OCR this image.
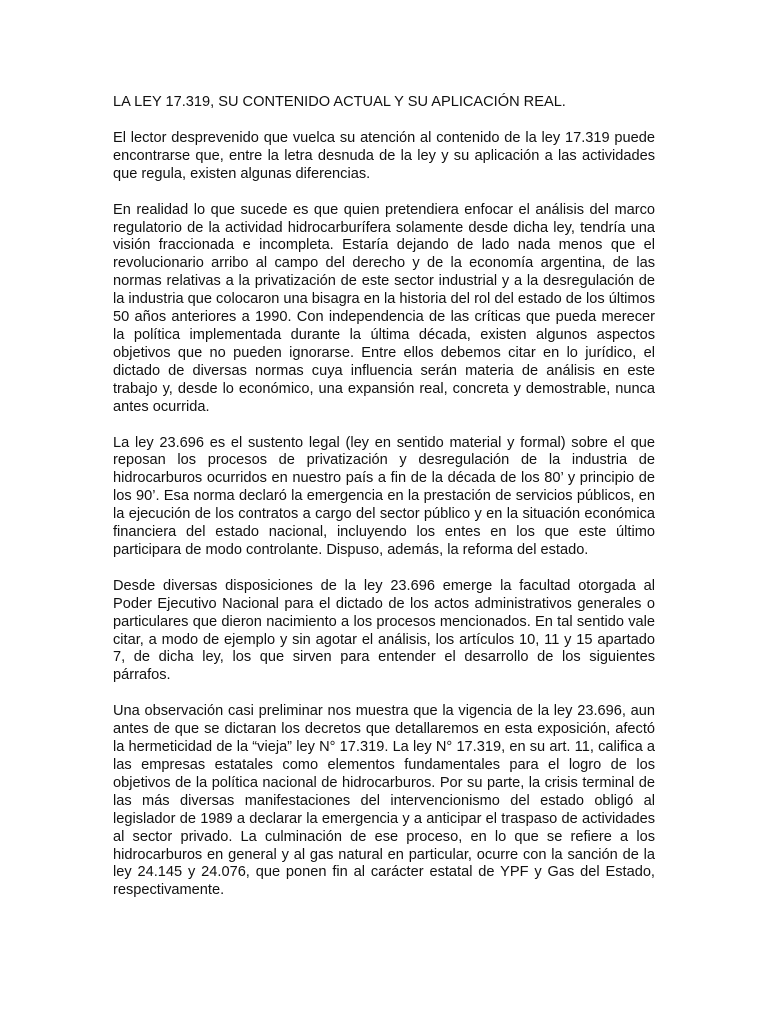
LA LEY 17.319, SU CONTENIDO ACTUAL Y SU APLICACIÓN REAL.

El lector desprevenido que vuelca su atención al contenido de la ley 17.319 puede encontrarse que, entre la letra desnuda de la ley y su aplicación a las actividades que regula, existen algunas diferencias.

En realidad lo que sucede es que quien pretendiera enfocar el análisis del marco regulatorio de la actividad hidrocarburífera solamente desde dicha ley, tendría una visión fraccionada e incompleta. Estaría dejando de lado nada menos que el revolucionario arribo al campo del derecho y de la economía argentina, de las normas relativas a la privatización de este sector industrial y a la desregulación de la industria que colocaron una bisagra en la historia del rol del estado de los últimos 50 años anteriores a 1990. Con independencia de las críticas que pueda merecer la política implementada durante la última década, existen algunos aspectos objetivos que no pueden ignorarse. Entre ellos debemos citar en lo jurídico, el dictado de diversas normas cuya influencia serán materia de análisis en este trabajo y, desde lo económico, una expansión real, concreta y demostrable, nunca antes ocurrida.

La ley 23.696 es el sustento legal (ley en sentido material y formal) sobre el que reposan los procesos de privatización y desregulación de la industria de hidrocarburos ocurridos en nuestro país a fin de la década de los 80’ y principio de los 90’. Esa norma declaró la emergencia en la prestación de servicios públicos, en la ejecución de los contratos a cargo del sector público y en la situación económica financiera del estado nacional, incluyendo los entes en los que este último participara de modo controlante. Dispuso, además, la reforma del estado.

Desde diversas disposiciones de la ley 23.696 emerge la facultad otorgada al Poder Ejecutivo Nacional para el dictado de los actos administrativos generales o particulares que dieron nacimiento a los procesos mencionados. En tal sentido vale citar, a modo de ejemplo y sin agotar el análisis, los artículos 10, 11 y 15 apartado 7, de dicha ley, los que sirven para entender el desarrollo de los siguientes párrafos.

Una observación casi preliminar nos muestra que la vigencia de la ley 23.696, aun antes de que se dictaran los decretos que detallaremos en esta exposición, afectó la hermeticidad de la “vieja” ley N° 17.319. La ley N° 17.319, en su art. 11, califica a las empresas estatales como elementos fundamentales para el logro de los objetivos de la política nacional de hidrocarburos. Por su parte, la crisis terminal de las más diversas manifestaciones del intervencionismo del estado obligó al legislador de 1989 a declarar la emergencia y a anticipar el traspaso de actividades al sector privado. La culminación de ese proceso, en lo que se refiere a los hidrocarburos en general y al gas natural en particular, ocurre con la sanción de la ley 24.145 y 24.076, que ponen fin al carácter estatal de YPF y Gas del Estado, respectivamente.
